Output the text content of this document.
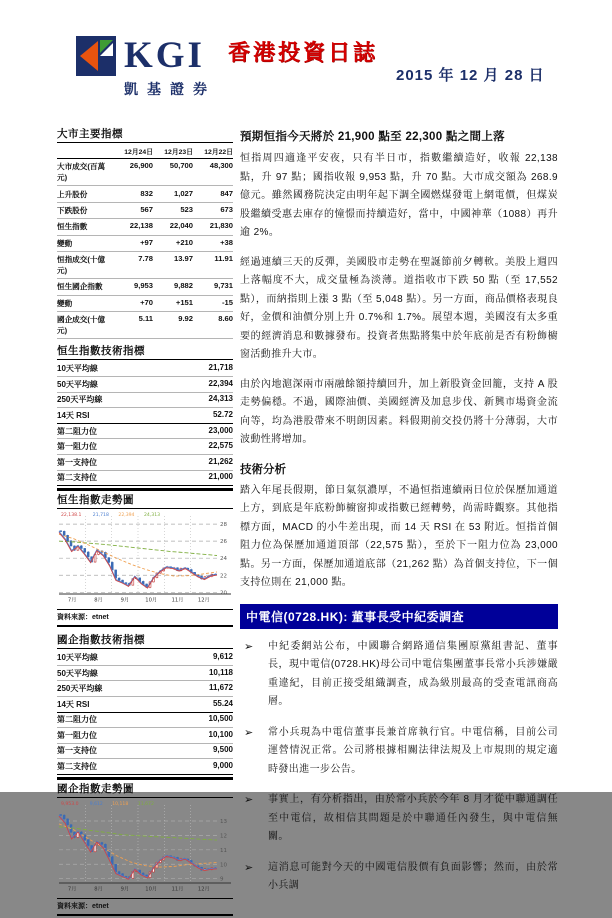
KGI
凱基證券
香港投資日誌
2015 年 12 月 28 日
大市主要指標
12月24日	12月23日	12月22日
大市成交(百萬元)
26,900	50,700	48,300
上升股份	832	1,027	847
下跌股份	567	523	673
恒生指數	22,138	22,040	21,830
變動	+97	+210	+38
恒指成交(十億元)
7.78	13.97	11.91
恒生國企指數	9,953	9,882	9,731
變動	+70	+151	-15
國企成交(十億元)
5.11	9.92	8.60
恒生指數技術指標
10天平均線	21,718
50天平均線	22,394
250天平均線	24,313
14天 RSI	52.72
第二阻力位	23,000
第一阻力位	22,575
第一支持位	21,262
第二支持位	21,000
恒生指數走勢圖
28
26
24
22
20
7月	8月	9月	10月	11月	12月
22,138.1 21,718 22,394 24,313
資料來源：etnet
國企指數技術指標
10天平均線	9,612
50天平均線	10,118
250天平均線	11,672
14天 RSI	55.24
第二阻力位	10,500
第一阻力位	10,100
第一支持位	9,500
第二支持位	9,000
國企指數走勢圖
13
12
11
10
9
7月	8月	9月	10月	11月	12月
9,953.0 9,612 10,118 11,672
資料來源：etnet
預期恒指今天將於 21,900 點至 22,300 點之間上落

恒指周四適逢平安夜，只有半日市，指數繼續造好，收報 22,138 點，升 97 點；國指收報 9,953 點，升 70 點。大市成交額為 268.9 億元。雖然國務院決定由明年起下調全國燃煤發電上網電價，但煤炭股繼續受惠去庫存的憧憬而持續造好，當中，中國神華（1088）再升逾 2%。

經過連續三天的反彈，美國股市走勢在聖誕節前夕轉軟。美股上週四上落幅度不大，成交量極為淡薄。道指收市下跌 50 點（至 17,552 點），而納指則上漲 3 點（至 5,048 點）。另一方面，商品價格表現良好，金價和油價分別上升 0.7%和 1.7%。展望本週，美國沒有太多重要的經濟消息和數據發布。投資者焦點將集中於年底前是否有粉飾櫥窗活動推升大市。

由於內地滬深兩市兩融餘額持續回升，加上新股資金回籠，支持 A 股走勢偏穩。不過，國際油價、美國經濟及加息步伐、新興市場資金流向等，均為港股帶來不明朗因素。料假期前交投仍將十分薄弱，大市波動性將增加。

技術分析

踏入年尾長假期，節日氣氛濃厚，不過恒指連續兩日位於保歷加通道上方，到底是年底粉飾櫥窗抑或指數已經轉勢，尚需時觀察。其他指標方面，MACD 的小牛差出現，而 14 天 RSI 在 53 附近。恒指首個阻力位為保歷加通道頂部（22,575 點），至於下一阻力位為 23,000 點。另一方面，保歷加通道底部（21,262 點）為首個支持位，下一個支持位則在 21,000 點。

中電信(0728.HK): 董事長受中紀委調查
➢	中紀委網站公布，中國聯合網路通信集團原黨組書記、董事長，現中電信(0728.HK)母公司中電信集團董事長常小兵涉嫌嚴重違紀，目前正接受組織調查，成為級別最高的受查電訊商高層。
➢	常小兵現為中電信董事長兼首席執行官。中電信稱，目前公司運營情況正常。公司將根據相關法律法規及上市規則的規定適時發出進一步公告。
➢	事實上，有分析指出，由於常小兵於今年 8 月才從中聯通調任至中電信，故相信其問題是於中聯通任內發生，與中電信無關。
➢	這消息可能對今天的中國電信股價有負面影響；然而，由於常小兵調
